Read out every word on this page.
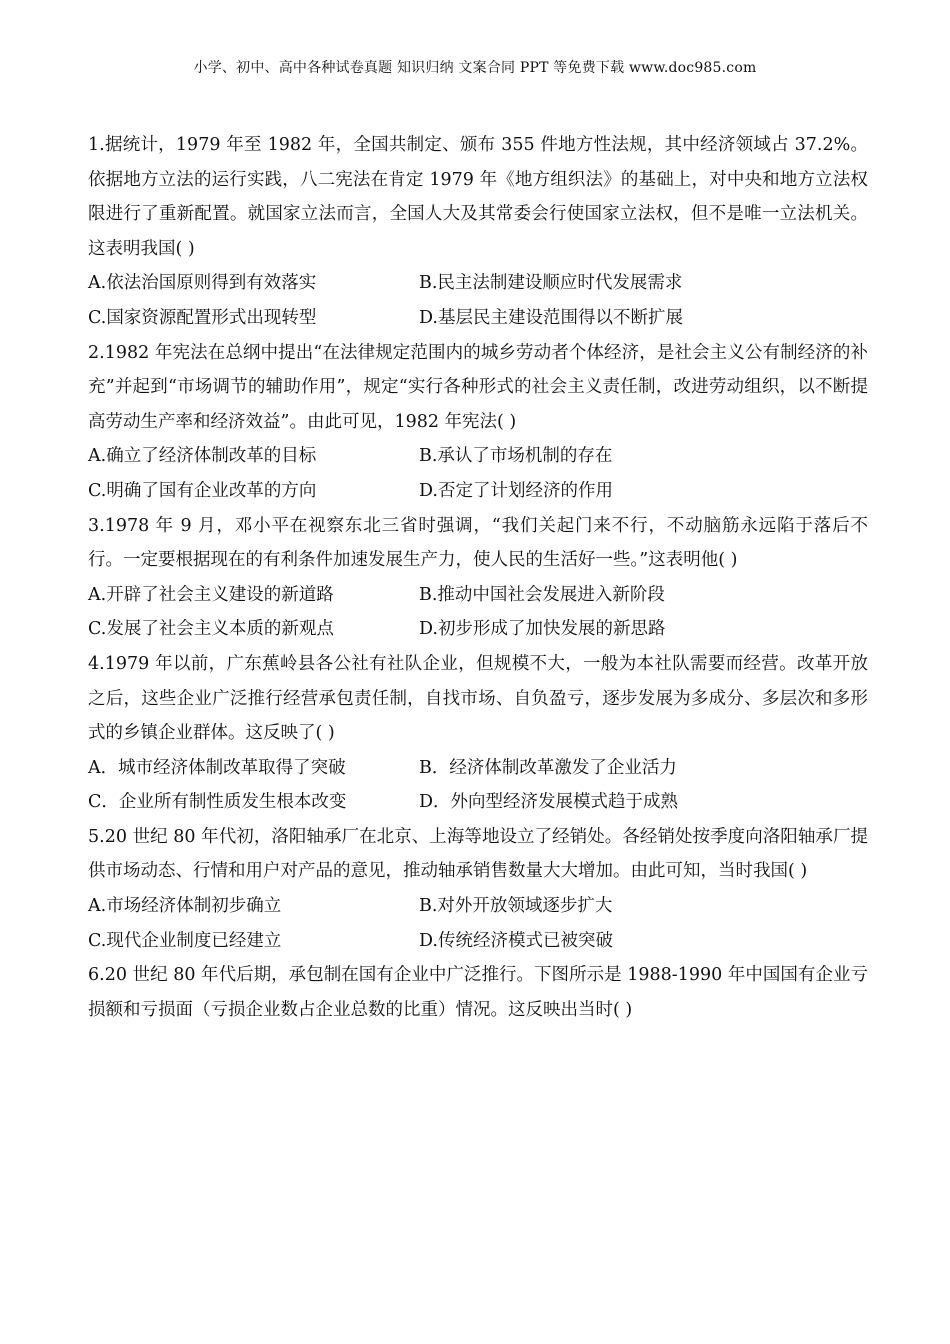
小学、初中、高中各种试卷真题 知识归纳 文案合同 PPT 等免费下载 www.doc985.com
1.据统计，1979 年至 1982 年，全国共制定、颁布 355 件地方性法规，其中经济领域占 37.2%。依据地方立法的运行实践，八二宪法在肯定 1979 年《地方组织法》的基础上，对中央和地方立法权限进行了重新配置。就国家立法而言，全国人大及其常委会行使国家立法权，但不是唯一立法机关。这表明我国( )
A.依法治国原则得到有效落实	B.民主法制建设顺应时代发展需求
C.国家资源配置形式出现转型	D.基层民主建设范围得以不断扩展
2.1982 年宪法在总纲中提出“在法律规定范围内的城乡劳动者个体经济，是社会主义公有制经济的补充”并起到“市场调节的辅助作用”，规定“实行各种形式的社会主义责任制，改进劳动组织，以不断提高劳动生产率和经济效益”。由此可见，1982 年宪法( )
A.确立了经济体制改革的目标	B.承认了市场机制的存在
C.明确了国有企业改革的方向	D.否定了计划经济的作用
3.1978 年 9 月，邓小平在视察东北三省时强调，“我们关起门来不行，不动脑筋永远陷于落后不行。一定要根据现在的有利条件加速发展生产力，使人民的生活好一些。”这表明他( )
A.开辟了社会主义建设的新道路	B.推动中国社会发展进入新阶段
C.发展了社会主义本质的新观点	D.初步形成了加快发展的新思路
4.1979 年以前，广东蕉岭县各公社有社队企业，但规模不大，一般为本社队需要而经营。改革开放之后，这些企业广泛推行经营承包责任制，自找市场、自负盈亏，逐步发展为多成分、多层次和多形式的乡镇企业群体。这反映了( )
A．城市经济体制改革取得了突破	B．经济体制改革激发了企业活力
C．企业所有制性质发生根本改变	D．外向型经济发展模式趋于成熟
5.20 世纪 80 年代初，洛阳轴承厂在北京、上海等地设立了经销处。各经销处按季度向洛阳轴承厂提供市场动态、行情和用户对产品的意见，推动轴承销售数量大大增加。由此可知，当时我国( )
A.市场经济体制初步确立	B.对外开放领域逐步扩大
C.现代企业制度已经建立	D.传统经济模式已被突破
6.20 世纪 80 年代后期，承包制在国有企业中广泛推行。下图所示是 1988-1990 年中国国有企业亏损额和亏损面（亏损企业数占企业总数的比重）情况。这反映出当时( )
